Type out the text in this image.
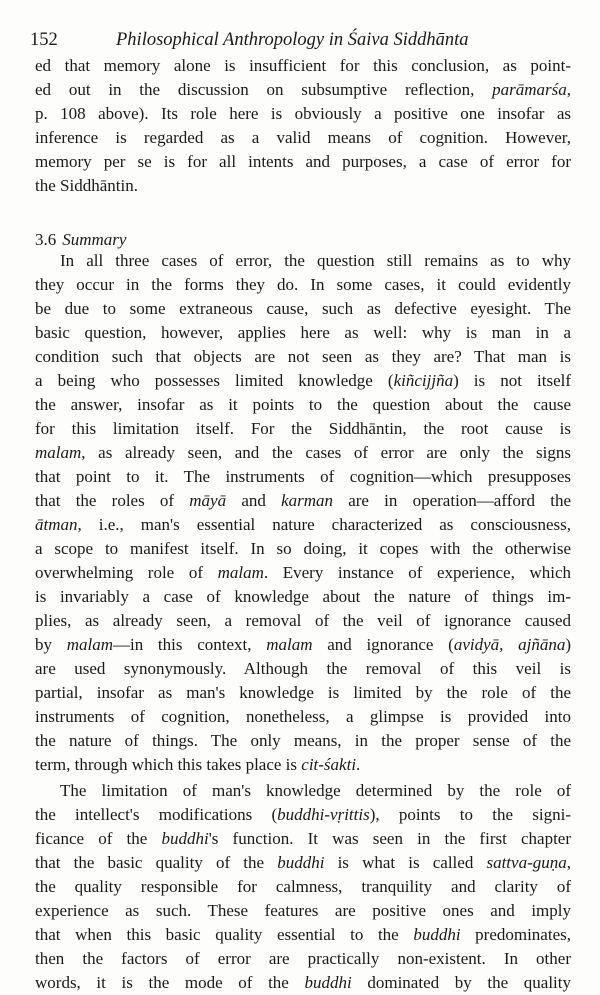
152	Philosophical Anthropology in Śaiva Siddhānta
3.6 Summary
ed that memory alone is insufficient for this conclusion, as point-
ed out in the discussion on subsumptive reflection, parāmarśa,
p. 108 above). Its role here is obviously a positive one insofar as
inference is regarded as a valid means of cognition. However,
memory per se is for all intents and purposes, a case of error for
the Siddhāntin.
In all three cases of error, the question still remains as to why
they occur in the forms they do. In some cases, it could evidently
be due to some extraneous cause, such as defective eyesight. The
basic question, however, applies here as well: why is man in a
condition such that objects are not seen as they are? That man is
a being who possesses limited knowledge (kiñcijjña) is not itself
the answer, insofar as it points to the question about the cause
for this limitation itself. For the Siddhāntin, the root cause is
malam, as already seen, and the cases of error are only the signs
that point to it. The instruments of cognition—which presupposes
that the roles of māyā and karman are in operation—afford the
ātman, i.e., man's essential nature characterized as consciousness,
a scope to manifest itself. In so doing, it copes with the otherwise
overwhelming role of malam. Every instance of experience, which
is invariably a case of knowledge about the nature of things im-
plies, as already seen, a removal of the veil of ignorance caused
by malam—in this context, malam and ignorance (avidyā, ajñāna)
are used synonymously. Although the removal of this veil is
partial, insofar as man's knowledge is limited by the role of the
instruments of cognition, nonetheless, a glimpse is provided into
the nature of things. The only means, in the proper sense of the
term, through which this takes place is cit-śakti.
The limitation of man's knowledge determined by the role of
the intellect's modifications (buddhi-vṛittis), points to the signi-
ficance of the buddhi's function. It was seen in the first chapter
that the basic quality of the buddhi is what is called sattva-guṇa,
the quality responsible for calmness, tranquility and clarity of
experience as such. These features are positive ones and imply
that when this basic quality essential to the buddhi predominates,
then the factors of error are practically non-existent. In other
words, it is the mode of the buddhi dominated by the quality
